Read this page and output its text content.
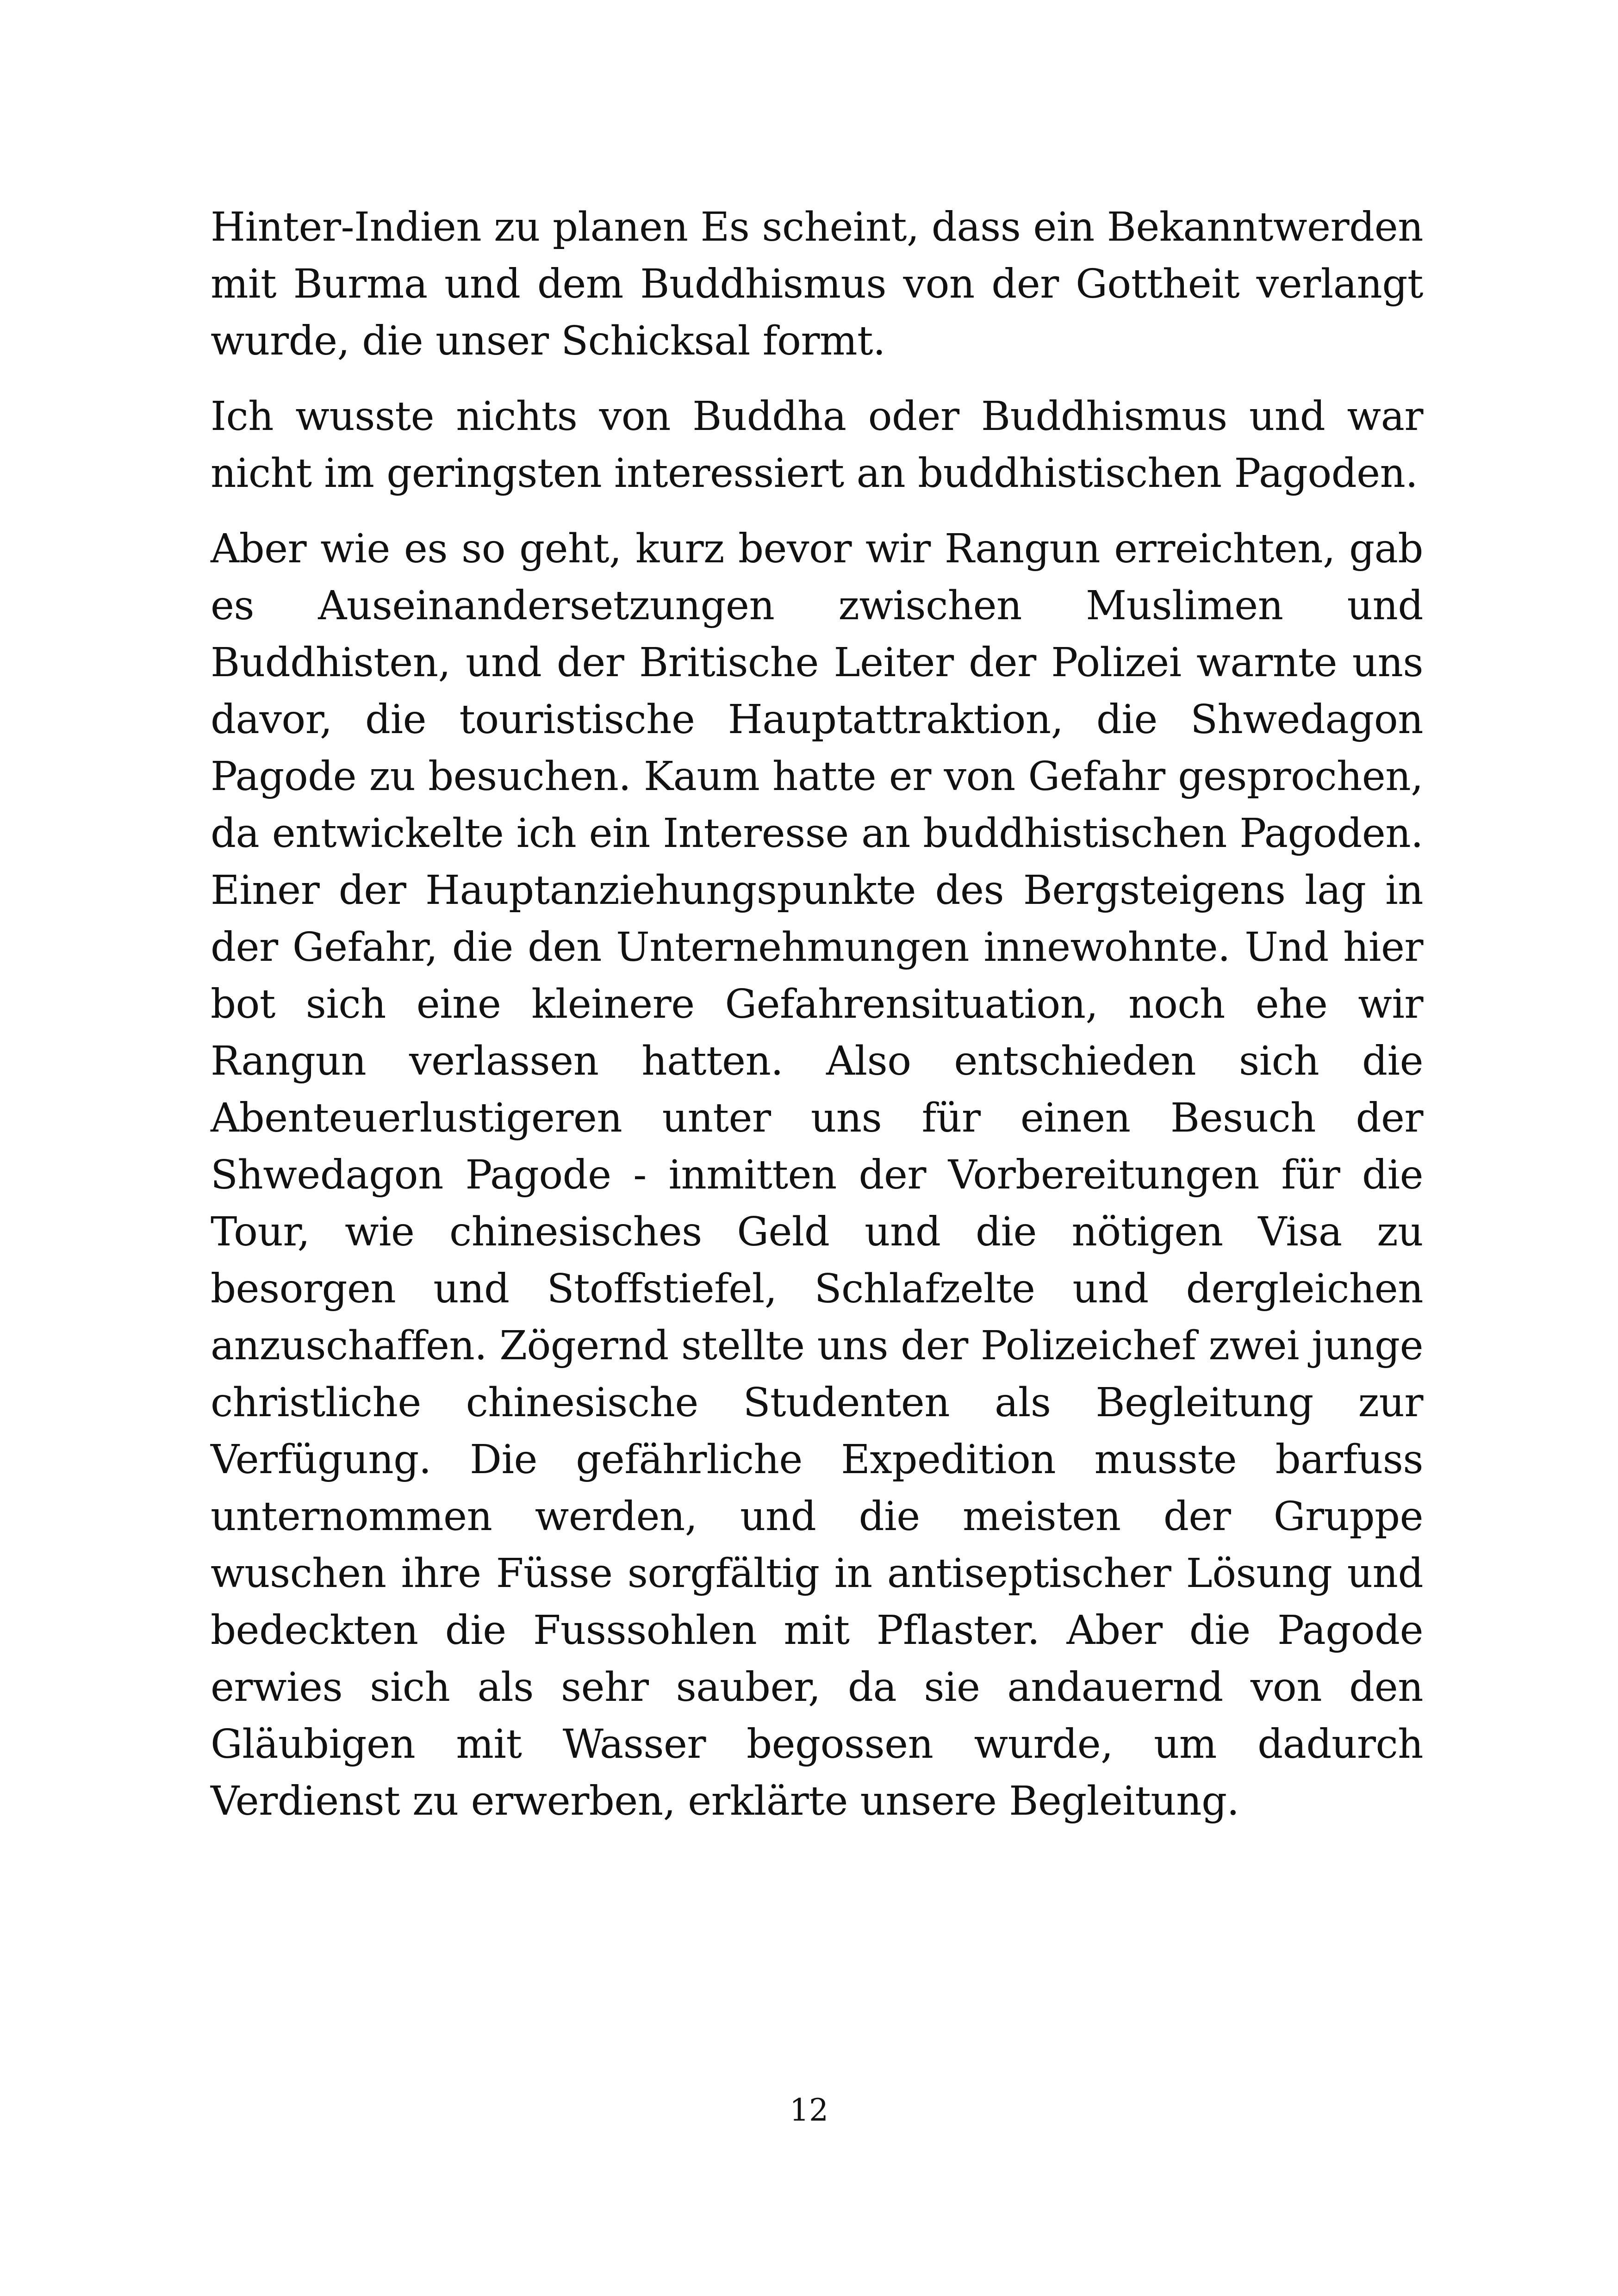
Hinter-Indien zu planen Es scheint, dass ein Bekanntwerden mit Burma und dem Buddhismus von der Gottheit verlangt wurde, die unser Schicksal formt.

Ich wusste nichts von Buddha oder Buddhismus und war nicht im geringsten interessiert an buddhistischen Pagoden.

Aber wie es so geht, kurz bevor wir Rangun erreichten, gab es Auseinandersetzungen zwischen Muslimen und Buddhisten, und der Britische Leiter der Polizei warnte uns davor, die touristische Hauptattraktion, die Shwedagon Pagode zu besuchen. Kaum hatte er von Gefahr gesprochen, da entwickelte ich ein Interesse an buddhistischen Pagoden. Einer der Hauptanziehungspunkte des Bergsteigens lag in der Gefahr, die den Unternehmungen innewohnte. Und hier bot sich eine kleinere Gefahrensituation, noch ehe wir Rangun verlassen hatten. Also entschieden sich die Abenteuerlustigeren unter uns für einen Besuch der Shwedagon Pagode - inmitten der Vorbereitungen für die Tour, wie chinesisches Geld und die nötigen Visa zu besorgen und Stoffstiefel, Schlafzelte und dergleichen anzuschaffen. Zögernd stellte uns der Polizeichef zwei junge christliche chinesische Studenten als Begleitung zur Verfügung. Die gefährliche Expedition musste barfuss unternommen werden, und die meisten der Gruppe wuschen ihre Füsse sorgfältig in antiseptischer Lösung und bedeckten die Fusssohlen mit Pflaster. Aber die Pagode erwies sich als sehr sauber, da sie andauernd von den Gläubigen mit Wasser begossen wurde, um dadurch Verdienst zu erwerben, erklärte unsere Begleitung.

12
